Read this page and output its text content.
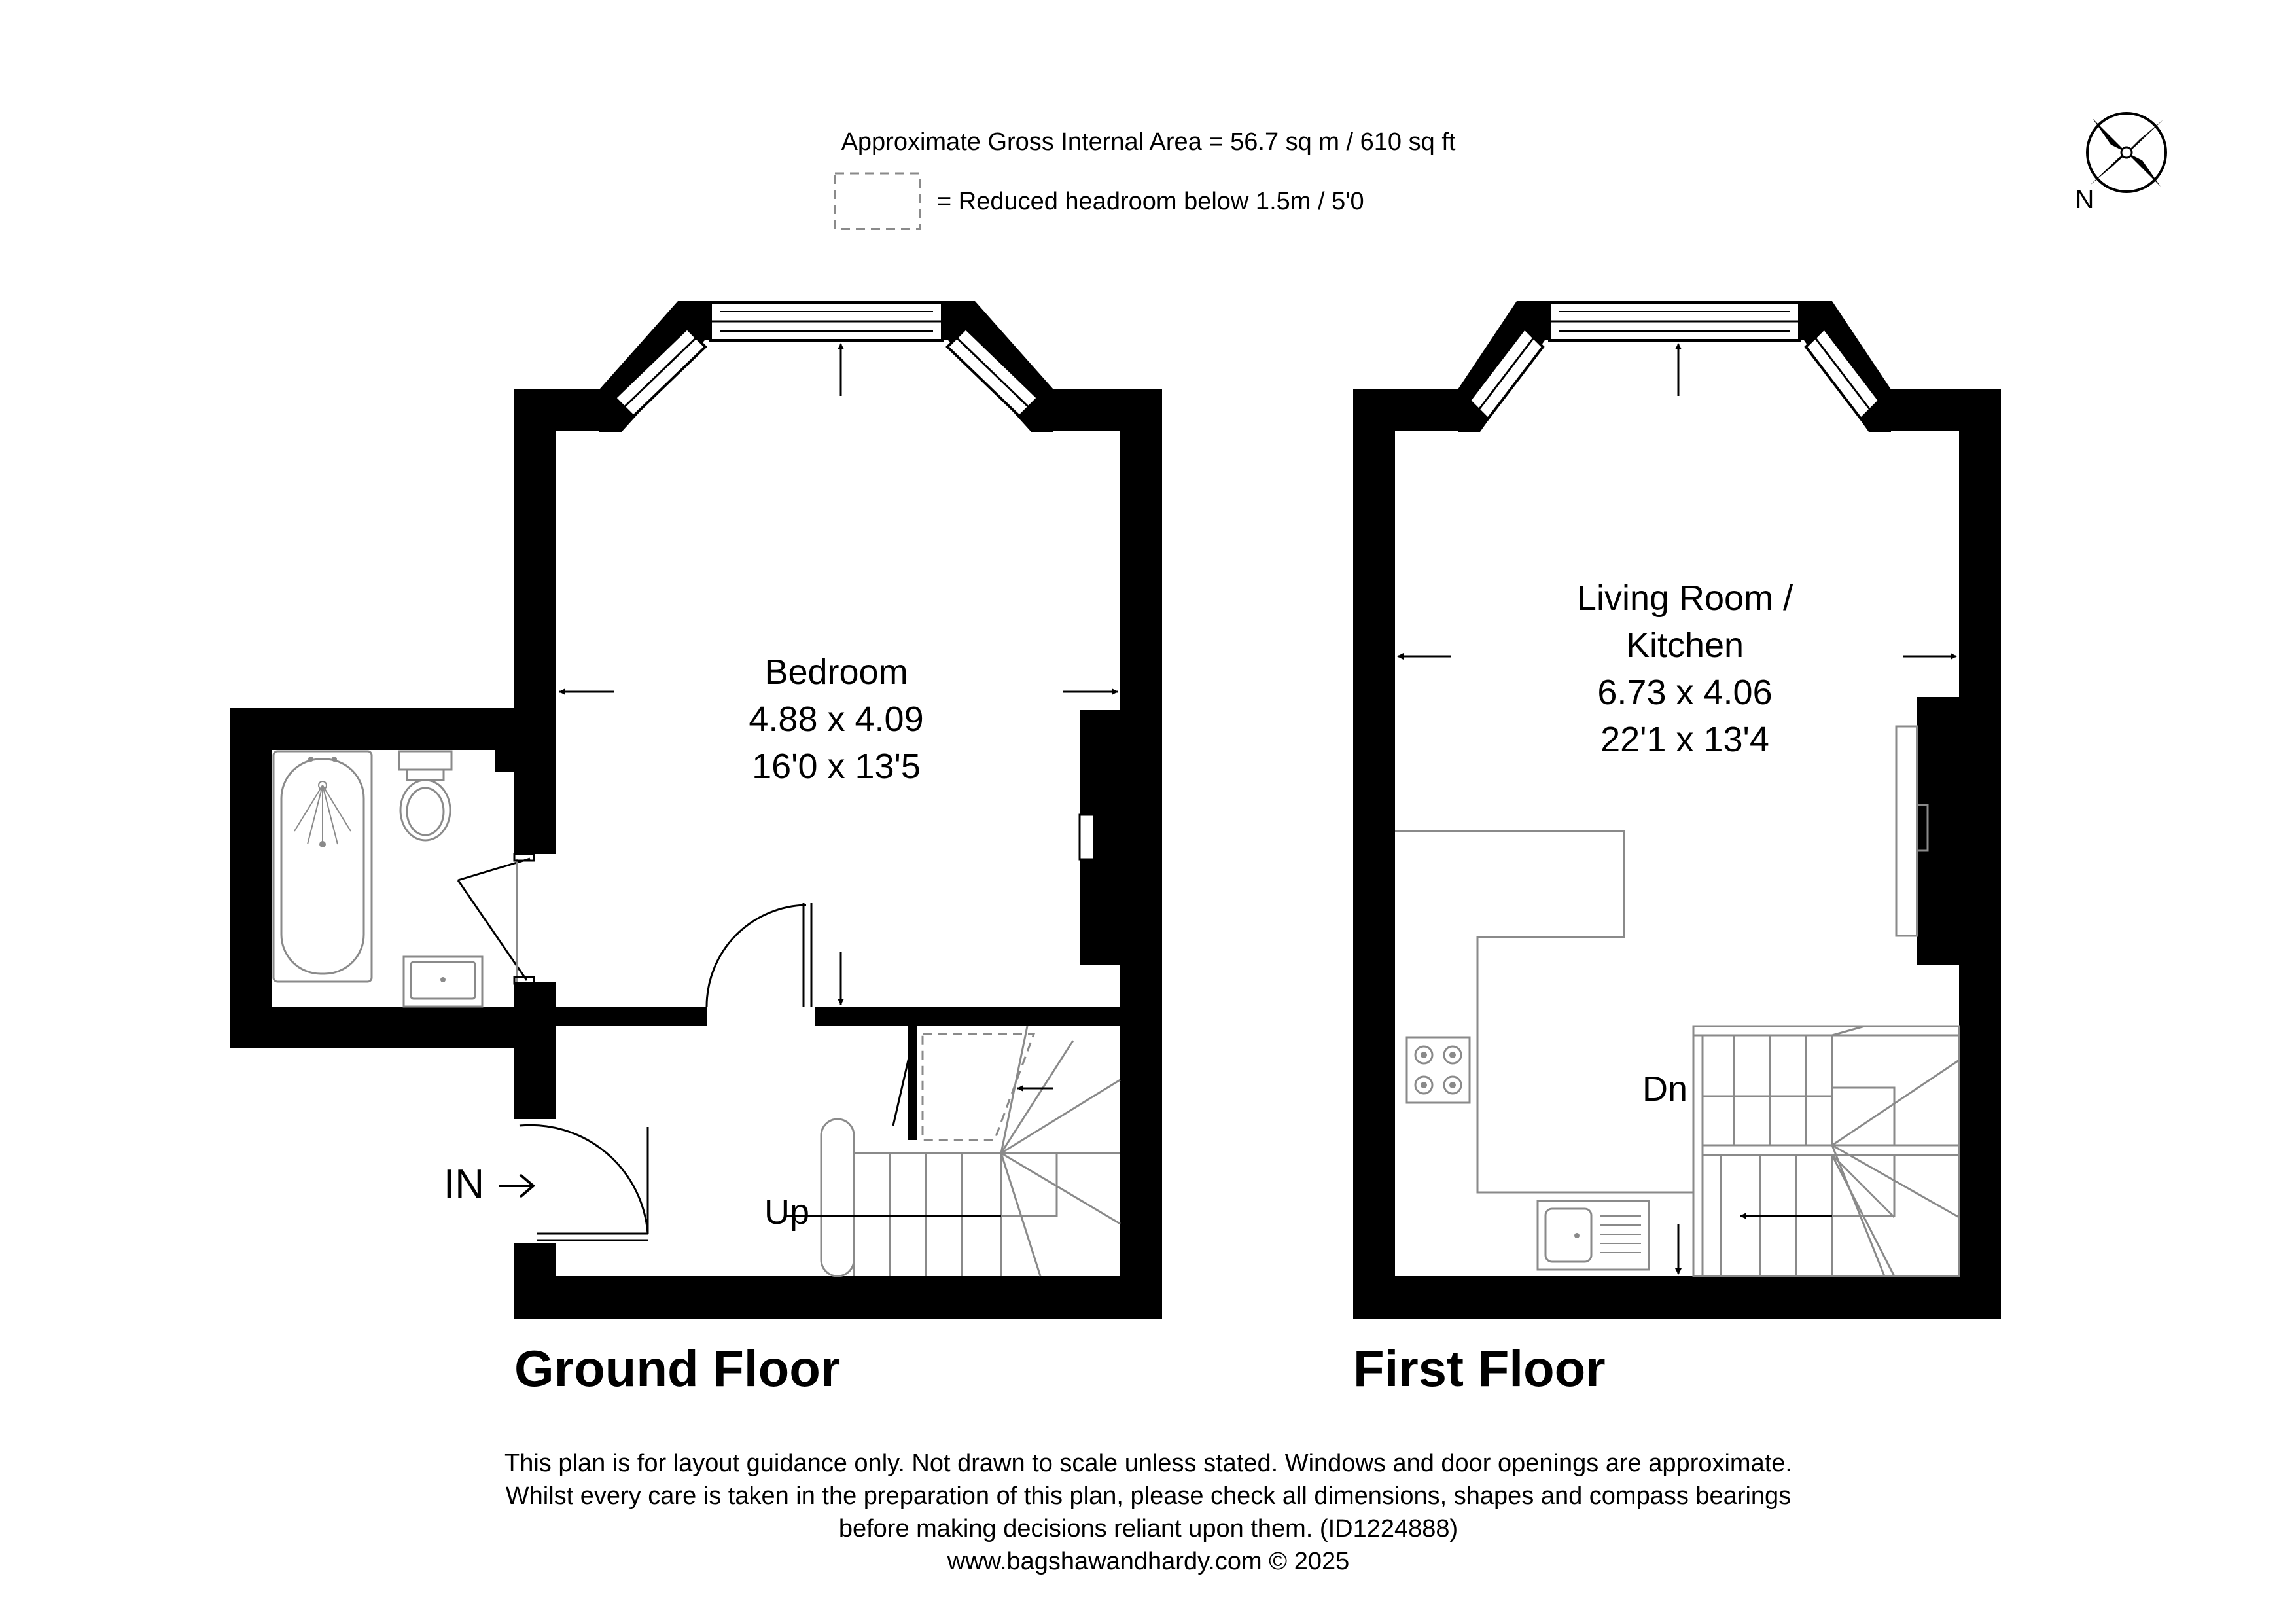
Approximate Gross Internal Area = 56.7 sq m / 610 sq ft
= Reduced headroom below 1.5m / 5'0	N
Bedroom
4.88 x 4.09
16'0 x 13'5
IN
Up
Ground Floor
Living Room /
Kitchen
6.73 x 4.06
22'1 x 13'4
Dn
First Floor
This plan is for layout guidance only. Not drawn to scale unless stated. Windows and door openings are approximate.
Whilst every care is taken in the preparation of this plan, please check all dimensions, shapes and compass bearings
before making decisions reliant upon them. (ID1224888)
www.bagshawandhardy.com © 2025
